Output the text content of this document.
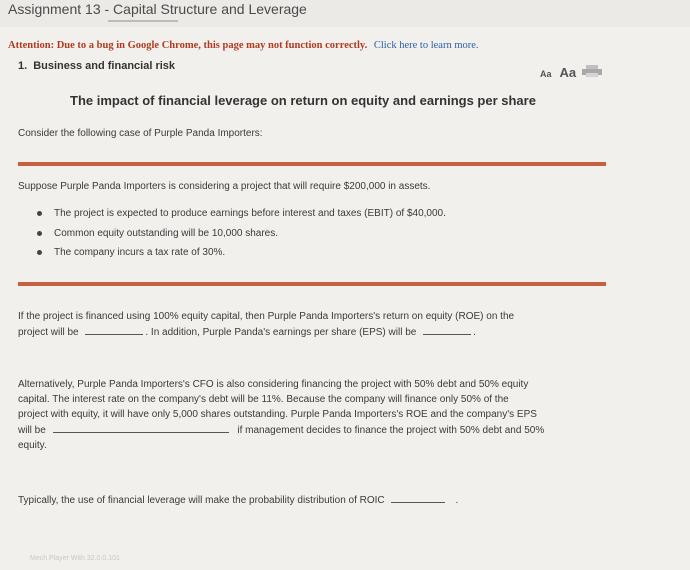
Assignment 13 - Capital Structure and Leverage
Attention: Due to a bug in Google Chrome, this page may not function correctly. Click here to learn more.
1. Business and financial risk
Aa Aa
The impact of financial leverage on return on equity and earnings per share
Consider the following case of Purple Panda Importers:
Suppose Purple Panda Importers is considering a project that will require $200,000 in assets.
The project is expected to produce earnings before interest and taxes (EBIT) of $40,000.
Common equity outstanding will be 10,000 shares.
The company incurs a tax rate of 30%.
If the project is financed using 100% equity capital, then Purple Panda Importers's return on equity (ROE) on the
project will be	. In addition, Purple Panda's earnings per share (EPS) will be	.
Alternatively, Purple Panda Importers's CFO is also considering financing the project with 50% debt and 50% equity
capital. The interest rate on the company's debt will be 11%. Because the company will finance only 50% of the
project with equity, it will have only 5,000 shares outstanding. Purple Panda Importers's ROE and the company's EPS
will be	if management decides to finance the project with 50% debt and 50%
equity.
Typically, the use of financial leverage will make the probability distribution of ROIC	.
Mech Player With 32.0.0.101
